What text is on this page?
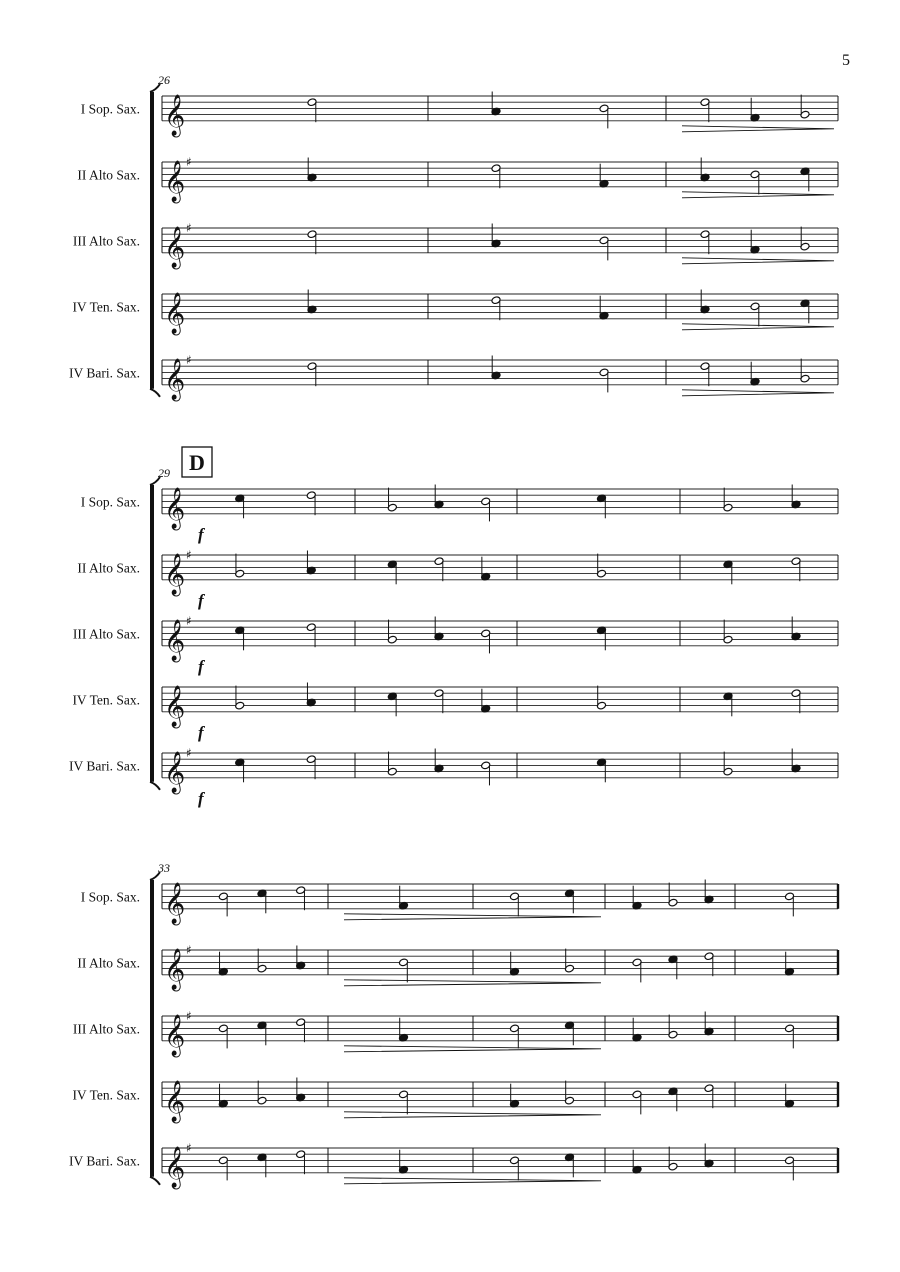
5
26
I Sop. Sax. 𝄞
II Alto Sax. 𝄞 ♯
III Alto Sax. 𝄞 ♯
IV Ten. Sax. 𝄞
IV Bari. Sax. 𝄞 ♯
29 D
I Sop. Sax. 𝄞
f
II Alto Sax. 𝄞 ♯
f
III Alto Sax. 𝄞 ♯
f
IV Ten. Sax. 𝄞
f
IV Bari. Sax. 𝄞 ♯
f
33
I Sop. Sax. 𝄞
II Alto Sax. 𝄞 ♯
III Alto Sax. 𝄞 ♯
IV Ten. Sax. 𝄞
IV Bari. Sax. 𝄞 ♯
